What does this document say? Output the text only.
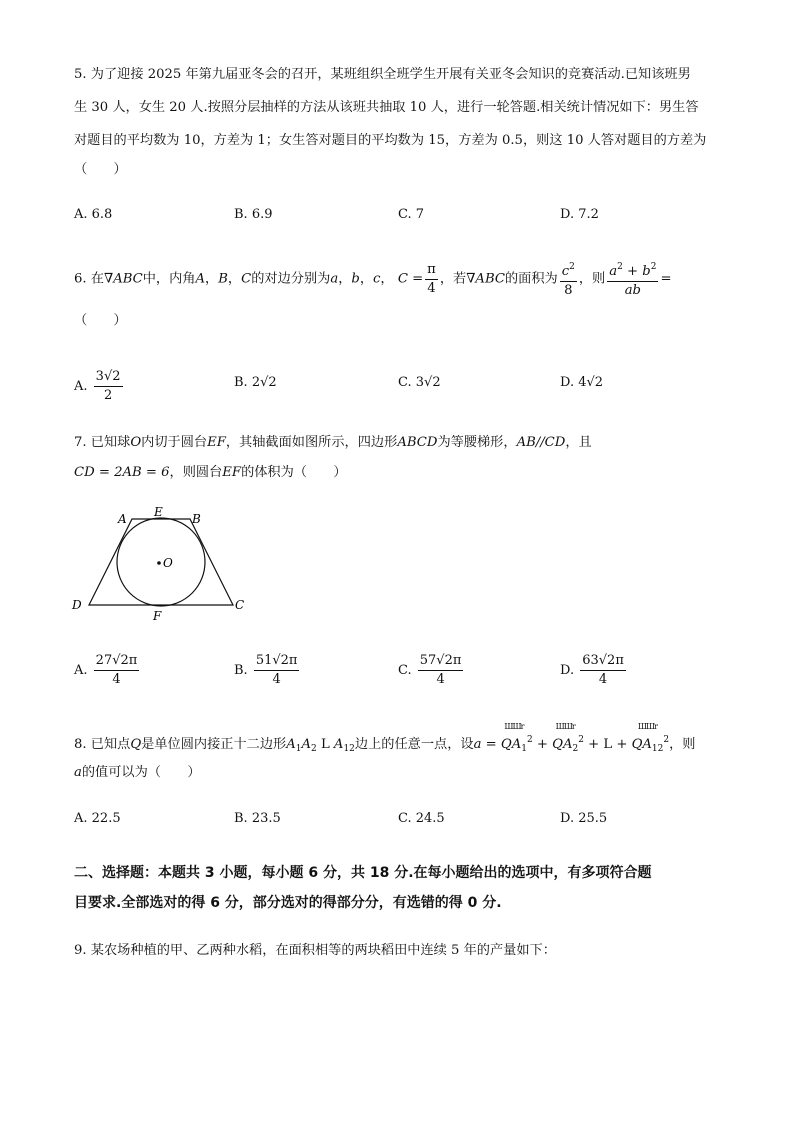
5. 为了迎接 2025 年第九届亚冬会的召开，某班组织全班学生开展有关亚冬会知识的竞赛活动.已知该班男
生 30 人，女生 20 人.按照分层抽样的方法从该班共抽取 10 人，进行一轮答题.相关统计情况如下：男生答
对题目的平均数为 10，方差为 1；女生答对题目的平均数为 15，方差为 0.5，则这 10 人答对题目的方差为
（　　）
A. 6.8	B. 6.9	C. 7	D. 7.2
6. 在∇ABC中，内角A，B，C的对边分别为a，b，c， $C = \frac{\pi}{4}$ ，若∇ABC的面积为 $\frac{c^2}{8}$ ，则 $\frac{a^2 + b^2}{ab}$ =
（　　）
A. $\frac{3√2}{2}$	B. 2√2	C. 3√2	D. 4√2
7. 已知球O内切于圆台EF，其轴截面如图所示，四边形ABCD为等腰梯形，AB//CD，且
CD = 2AB = 6，则圆台EF的体积为（　　）
A E B
O
D
F
C
A. $\frac{27√2\pi}{4}$	B. $\frac{51√2\pi}{4}$	C. $\frac{57√2\pi}{4}$	D. $\frac{63√2\pi}{4}$
8. 已知点Q是单位圆内接正十二边形$A_1A_2$ L $A_{12}$边上的任意一点，设a =
ШШr
$QA_1^2$ +
ШШr
$QA_2^2 + L$ +
ШШr
$QA_{12}^2$，则
a的值可以为（　　）
A. 22.5	B. 23.5	C. 24.5	D. 25.5
二、选择题：本题共 3 小题，每小题 6 分，共 18 分.在每小题给出的选项中，有多项符合题
目要求.全部选对的得 6 分，部分选对的得部分分，有选错的得 0 分.
9. 某农场种植的甲、乙两种水稻，在面积相等的两块稻田中连续 5 年的产量如下：
